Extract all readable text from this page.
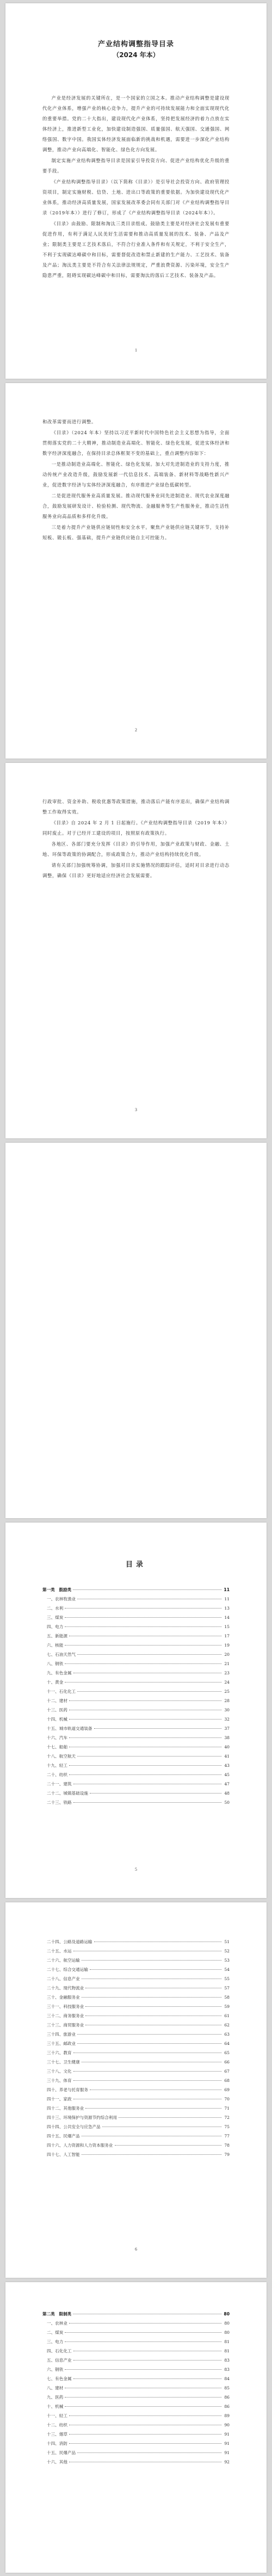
产业结构调整指导目录
（2024 年本）

产业是经济发展的关键所在，是一个国家的立国之本。推动产业结构调整是建设现代化产业体系，增强产业的核心竞争力，提升产业的可持续发展能力和全面实现现代化的重要举措。党的二十大指出，建设现代化产业体系，坚持把发展经济的着力点放在实体经济上，推进新型工业化，加快建设制造强国、质量强国、航天强国、交通强国、网络强国、数字中国。我国实体经济发展面临新的挑战和机遇，需要进一步深化产业结构调整，推动产业向高端化、智能化、绿色化方向发展。

制定实施产业结构调整指导目录是国家引导投资方向、促进产业结构优化升级的重要手段。

《产业结构调整指导目录》（以下简称《目录》）是引导社会投资方向、政府管理投资项目，制定实施财税、信贷、土地、进出口等政策的重要依据。为加快建设现代化产业体系，推动经济高质量发展，国家发展改革委会同有关部门对《产业结构调整指导目录（2019年本）》进行了修订，形成了《产业结构调整指导目录（2024年本）》。

《目录》由鼓励、限制和淘汰三类目录组成。鼓励类主要是对经济社会发展有重要促进作用，有利于满足人民美好生活需要和推动高质量发展的技术、装备、产品及产业；限制类主要是工艺技术落后，不符合行业准入条件和有关规定，不利于安全生产，不利于实现碳达峰碳中和目标，需要督促改造和禁止新建的生产能力、工艺技术、装备及产品；淘汰类主要是不符合有关法律法规规定，严重浪费资源、污染环境，安全生产隐患严重，阻碍实现碳达峰碳中和目标，需要淘汰的落后工艺技术、装备及产品。

1

和改革需要而进行调整。

《目录》（2024 年本）坚持以习近平新时代中国特色社会主义思想为指导，全面贯彻落实党的二十大精神，推动制造业高端化、智能化、绿色化发展，促进实体经济和数字经济深度融合，在保持目录总体框架不变的基础上，重点调整内容如下：

一是推动制造业高端化、智能化、绿色化发展。加大对先进制造业的支持力度，推动传统产业改造升级，鼓励发展新一代信息技术、高端装备、新材料等战略性新兴产业，促进数字经济与实体经济深度融合，有序推进产业绿色低碳转型。

二是促进现代服务业高质量发展。推动现代服务业同先进制造业、现代农业深度融合，鼓励发展研发设计、检验检测、现代物流、金融服务等生产性服务业，推动生活性服务业向高品质和多样化升级。

三是着力提升产业链供应链韧性和安全水平。聚焦产业链供应链关键环节，支持补短板、锻长板、强基础，提升产业链供应链自主可控能力。

2

行政审批、资金补助、税收优惠等政策措施，推动落后产能有序退出，确保产业结构调整工作取得实效。

《目录》自 2024 年 2 月 1 日起施行。《产业结构调整指导目录（2019 年本）》同时废止。对于已经开工建设的项目，按照原有政策执行。

各地区、各部门要充分发挥《目录》的引导作用，加强产业政策与财政、金融、土地、环保等政策的协调配合，形成政策合力，推动产业结构持续优化升级。

请有关部门加强统筹协调，加强对目录实施情况的跟踪评估，适时对目录进行动态调整，确保《目录》更好地适应经济社会发展需要。

3
目录
第一类　鼓励类	11
一、农林牧渔业	11
二、水利	13
三、煤炭	14
四、电力	15
五、新能源	17
六、核能	19
七、石油天然气	20
八、钢铁	21
九、有色金属	23
十、黄金	24
十一、石化化工	25
十二、建材	28
十三、医药	30
十四、机械	32
十五、城市轨道交通装备	37
十六、汽车	38
十七、船舶	40
十八、航空航天	41
十九、轻工	43
二十、纺织	45
二十一、建筑	47
二十二、城镇基础设施	48
二十三、铁路	50
5
二十四、公路及道路运输	51
二十五、水运	52
二十六、航空运输	53
二十七、综合交通运输	54
二十八、信息产业	55
二十九、现代物流业	57
三十、金融服务业	58
三十一、科技服务业	59
三十二、商务服务业	61
三十三、商贸服务业	62
三十四、旅游业	63
三十五、邮政业	64
三十六、教育	65
三十七、卫生健康	66
三十八、文化	67
三十九、体育	68
四十、养老与托育服务	69
四十一、家政	70
四十二、其他服务业	71
四十三、环境保护与资源节约综合利用	72
四十四、公共安全与应急产品	75
四十五、民爆产品	77
四十六、人力资源和人力资本服务业	78
四十七、人工智能	79
6
第二类　限制类	80
一、农林业	80
二、煤炭	80
三、电力	81
四、石化化工	81
五、信息产业	83
六、钢铁	83
七、有色金属	84
八、建材	85
九、医药	86
十、机械	86
十一、轻工	89
十二、纺织	90
十三、烟草	91
十四、消防	91
十五、民爆产品	91
十六、其他	92
